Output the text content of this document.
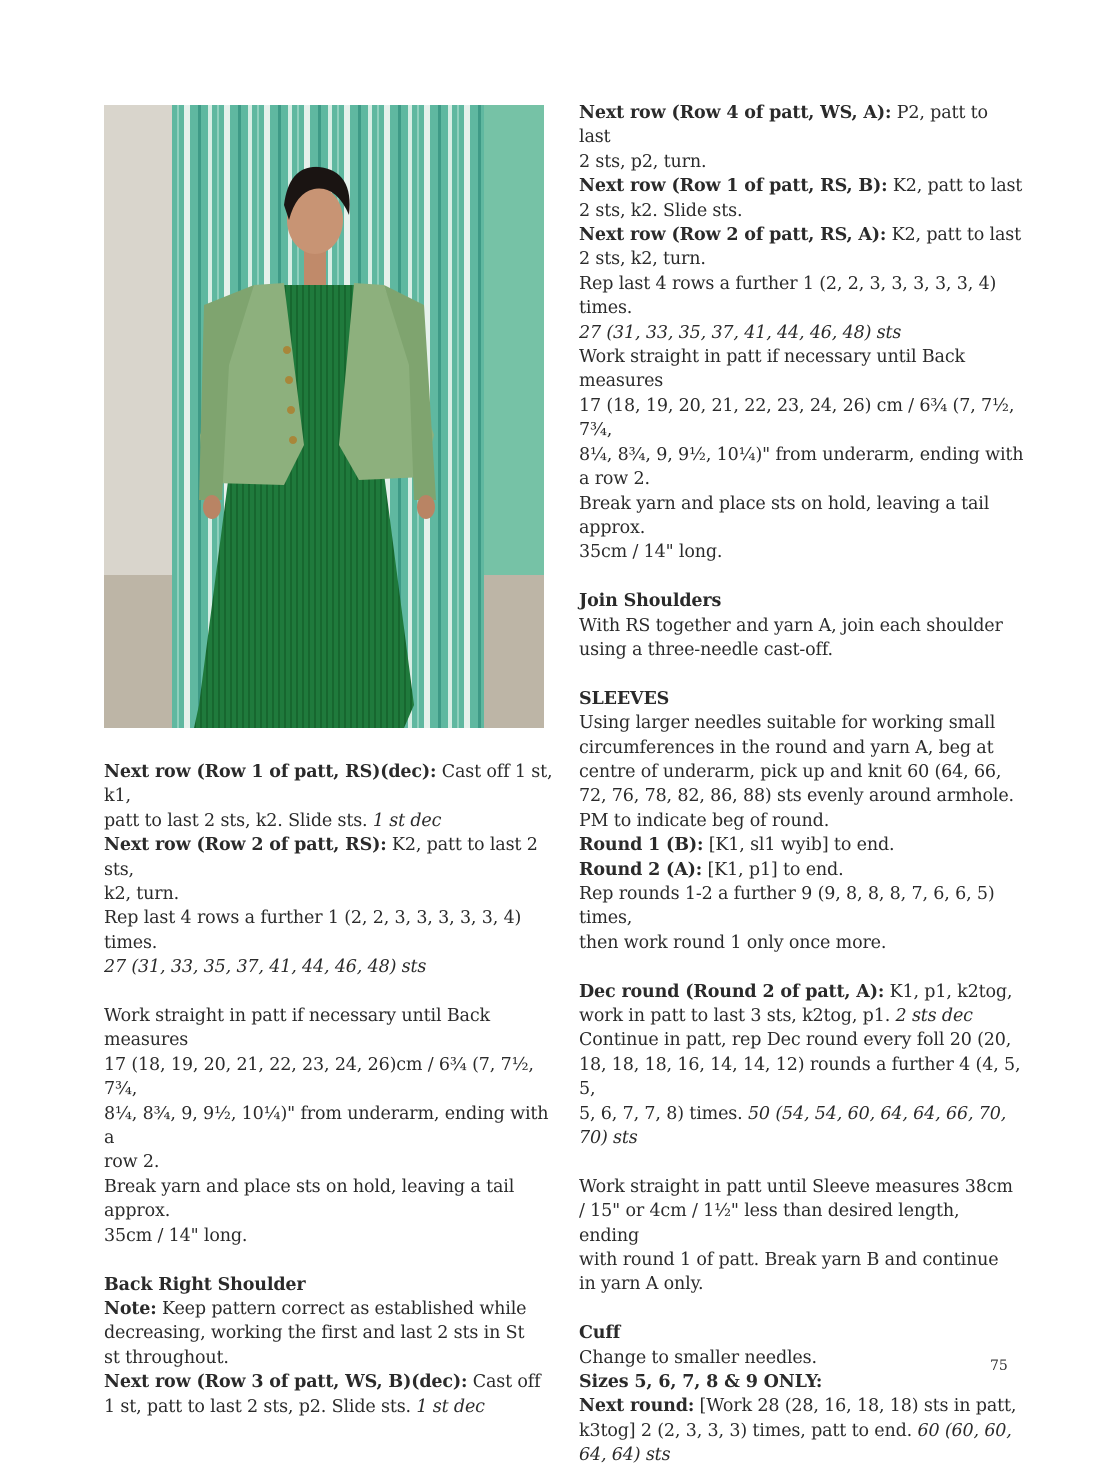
Next row (Row 1 of patt, RS)(dec): Cast off 1 st, k1,
patt to last 2 sts, k2. Slide sts. 1 st dec

Next row (Row 2 of patt, RS): K2, patt to last 2 sts,
k2, turn.

Rep last 4 rows a further 1 (2, 2, 3, 3, 3, 3, 3, 4) times.

27 (31, 33, 35, 37, 41, 44, 46, 48) sts

Work straight in patt if necessary until Back measures
17 (18, 19, 20, 21, 22, 23, 24, 26)cm / 6¾ (7, 7½, 7¾,
8¼, 8¾, 9, 9½, 10¼)" from underarm, ending with a
row 2.

Break yarn and place sts on hold, leaving a tail approx.
35cm / 14" long.

Back Right Shoulder

Note: Keep pattern correct as established while
decreasing, working the first and last 2 sts in St
st throughout.

Next row (Row 3 of patt, WS, B)(dec): Cast off
1 st, patt to last 2 sts, p2. Slide sts. 1 st dec

Next row (Row 4 of patt, WS, A): P2, patt to last
2 sts, p2, turn.

Next row (Row 1 of patt, RS, B): K2, patt to last
2 sts, k2. Slide sts.

Next row (Row 2 of patt, RS, A): K2, patt to last
2 sts, k2, turn.

Rep last 4 rows a further 1 (2, 2, 3, 3, 3, 3, 3, 4) times.

27 (31, 33, 35, 37, 41, 44, 46, 48) sts

Work straight in patt if necessary until Back measures
17 (18, 19, 20, 21, 22, 23, 24, 26) cm / 6¾ (7, 7½, 7¾,
8¼, 8¾, 9, 9½, 10¼)" from underarm, ending with
a row 2.

Break yarn and place sts on hold, leaving a tail approx.
35cm / 14" long.

Join Shoulders

With RS together and yarn A, join each shoulder
using a three-needle cast-off.

SLEEVES

Using larger needles suitable for working small
circumferences in the round and yarn A, beg at
centre of underarm, pick up and knit 60 (64, 66,
72, 76, 78, 82, 86, 88) sts evenly around armhole.
PM to indicate beg of round.

Round 1 (B): [K1, sl1 wyib] to end.

Round 2 (A): [K1, p1] to end.

Rep rounds 1-2 a further 9 (9, 8, 8, 8, 7, 6, 6, 5) times,
then work round 1 only once more.

Dec round (Round 2 of patt, A): K1, p1, k2tog,
work in patt to last 3 sts, k2tog, p1. 2 sts dec

Continue in patt, rep Dec round every foll 20 (20,
18, 18, 18, 16, 14, 14, 12) rounds a further 4 (4, 5, 5,
5, 6, 7, 7, 8) times. 50 (54, 54, 60, 64, 64, 66, 70, 70) sts

Work straight in patt until Sleeve measures 38cm
/ 15" or 4cm / 1½" less than desired length, ending
with round 1 of patt. Break yarn B and continue
in yarn A only.

Cuff

Change to smaller needles.

Sizes 5, 6, 7, 8 & 9 ONLY:

Next round: [Work 28 (28, 16, 18, 18) sts in patt,
k3tog] 2 (2, 3, 3, 3) times, patt to end. 60 (60, 60,
64, 64) sts

75
